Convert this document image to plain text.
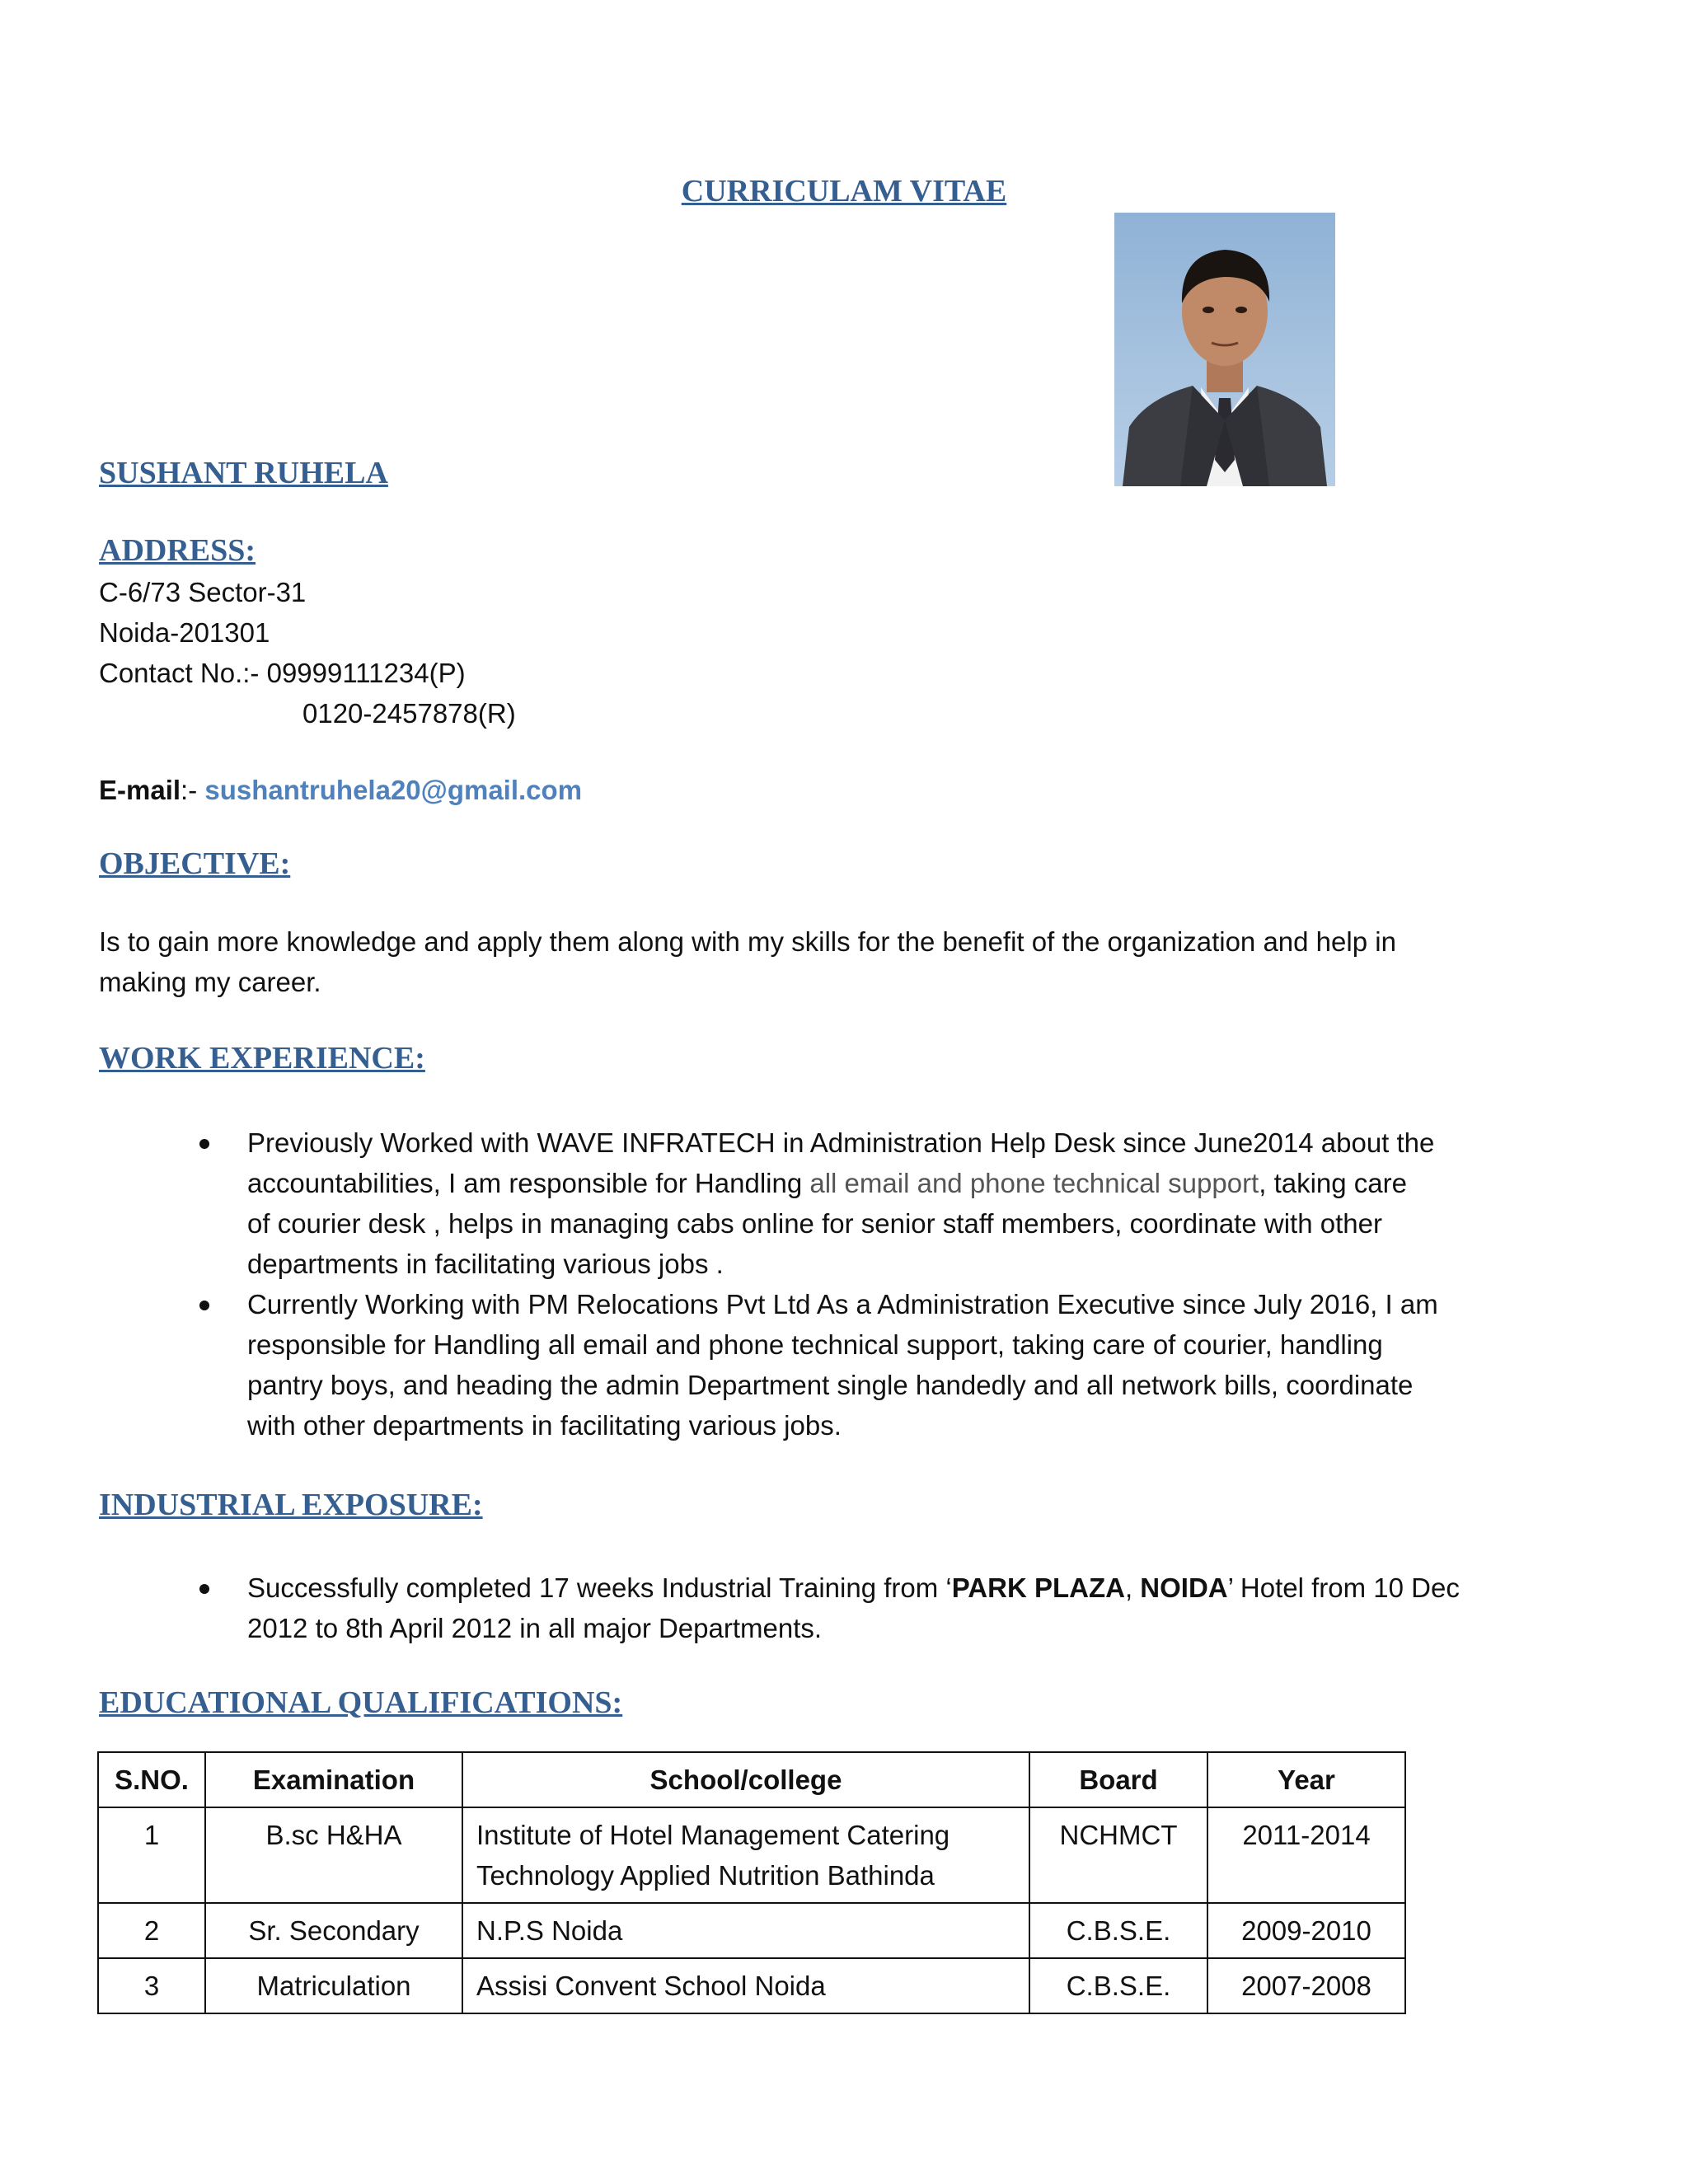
CURRICULAM VITAE
SUSHANT RUHELA
ADDRESS:
C-6/73 Sector-31
Noida-201301
Contact No.:- 09999111234(P)
0120-2457878(R)
E-mail:- sushantruhela20@gmail.com
OBJECTIVE:
Is to gain more knowledge and apply them along with my skills for the benefit of the organization and help in
making my career.
WORK EXPERIENCE:
Previously Worked with WAVE INFRATECH in Administration Help Desk since June2014 about the
accountabilities, I am responsible for Handling all email and phone technical support, taking care
of courier desk , helps in managing cabs online for senior staff members, coordinate with other
departments in facilitating various jobs .
Currently Working with PM Relocations Pvt Ltd As a Administration Executive since July 2016, I am
responsible for Handling all email and phone technical support, taking care of courier, handling
pantry boys, and heading the admin Department single handedly and all network bills, coordinate
with other departments in facilitating various jobs.
INDUSTRIAL EXPOSURE:
Successfully completed 17 weeks Industrial Training from ‘PARK PLAZA, NOIDA’ Hotel from 10 Dec
2012 to 8th April 2012 in all major Departments.
EDUCATIONAL QUALIFICATIONS:
S.NO.	Examination	School/college	Board	Year
1	B.sc H&HA	Institute of Hotel Management Catering
Technology Applied Nutrition Bathinda	NCHMCT	2011-2014
2	Sr. Secondary	N.P.S Noida	C.B.S.E.	2009-2010
3	Matriculation	Assisi Convent School Noida	C.B.S.E.	2007-2008
